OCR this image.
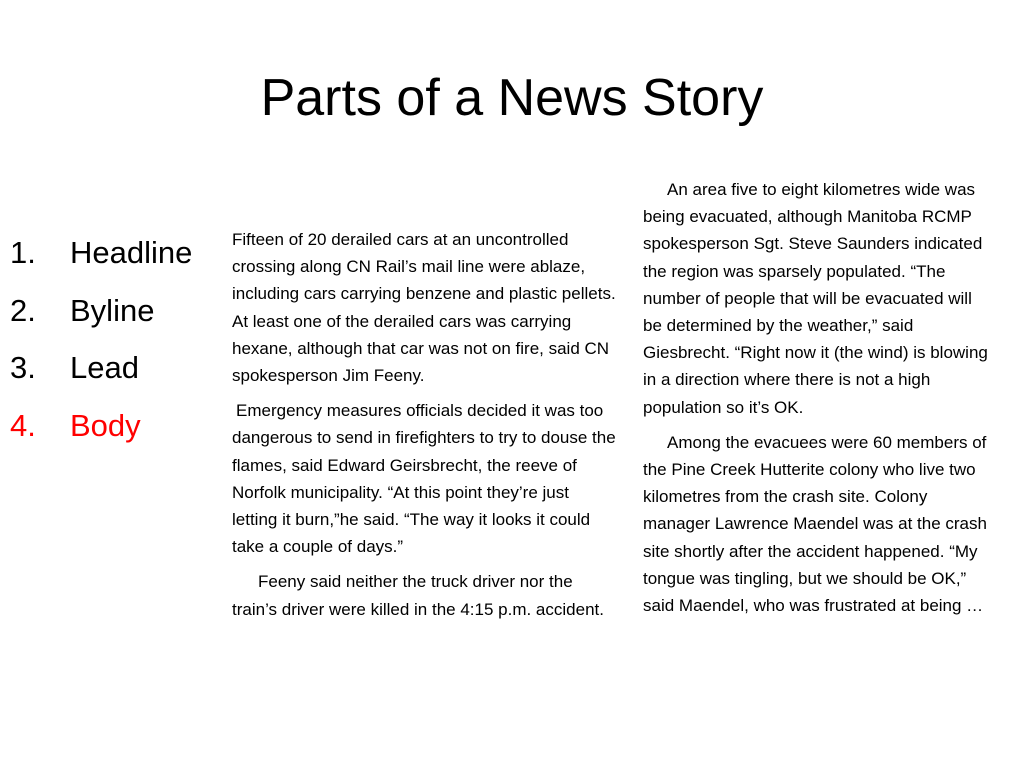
Parts of a News Story
1.	Headline
2.	Byline
3.	Lead
4.	Body

Fifteen of 20 derailed cars at an uncontrolled crossing along CN Rail’s mail line were ablaze, including cars carrying benzene and plastic pellets. At least one of the derailed cars was carrying hexane, although that car was not on fire, said CN spokesperson Jim Feeny.

Emergency measures officials decided it was too dangerous to send in firefighters to try to douse the flames, said Edward Geirsbrecht, the reeve of Norfolk municipality. “At this point they’re just letting it burn,”he said. “The way it looks it could take a couple of days.”

Feeny said neither the truck driver nor the train’s driver were killed in the 4:15 p.m. accident.

An area five to eight kilometres wide was being evacuated, although Manitoba RCMP spokesperson Sgt. Steve Saunders indicated the region was sparsely populated. “The number of people that will be evacuated will be determined by the weather,” said Giesbrecht. “Right now it (the wind) is blowing in a direction where there is not a high population so it’s OK.

Among the evacuees were 60 members of the Pine Creek Hutterite colony who live two kilometres from the crash site. Colony manager Lawrence Maendel was at the crash site shortly after the accident happened. “My tongue was tingling, but we should be OK,” said Maendel, who was frustrated at being …
